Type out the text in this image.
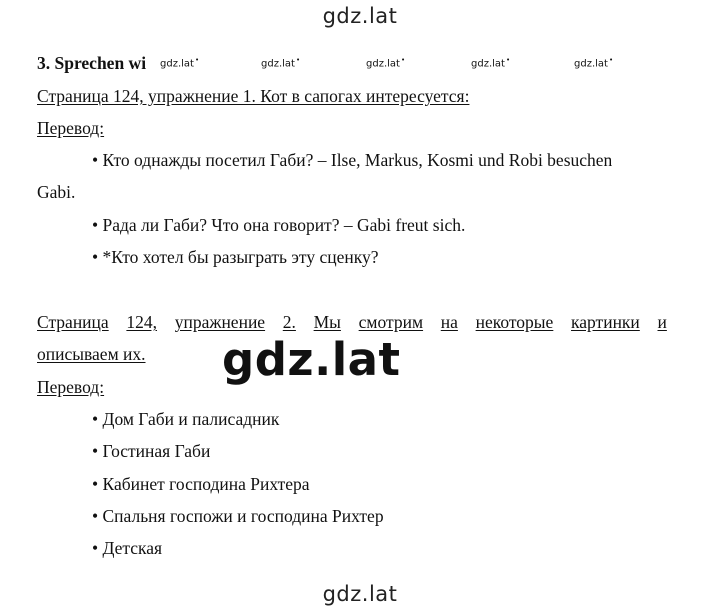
gdz.lat
3. Sprechen wi gdz.lat •	gdz.lat •	gdz.lat •	gdz.lat •	gdz.lat •
Страница 124, упражнение 1. Кот в сапогах интересуется:
Перевод:
• Кто однажды посетил Габи? – Ilse, Markus, Kosmi und Robi besuchen
Gabi.
• Рада ли Габи? Что она говорит? – Gabi freut sich.
• *Кто хотел бы разыграть эту сценку?
Страница 124, упражнение 2. Мы смотрим на некоторые картинки и
описываем их.
Перевод:
• Дом Габи и палисадник
• Гостиная Габи
• Кабинет господина Рихтера
• Спальня госпожи и господина Рихтер
• Детская
gdz.lat
gdz.lat
